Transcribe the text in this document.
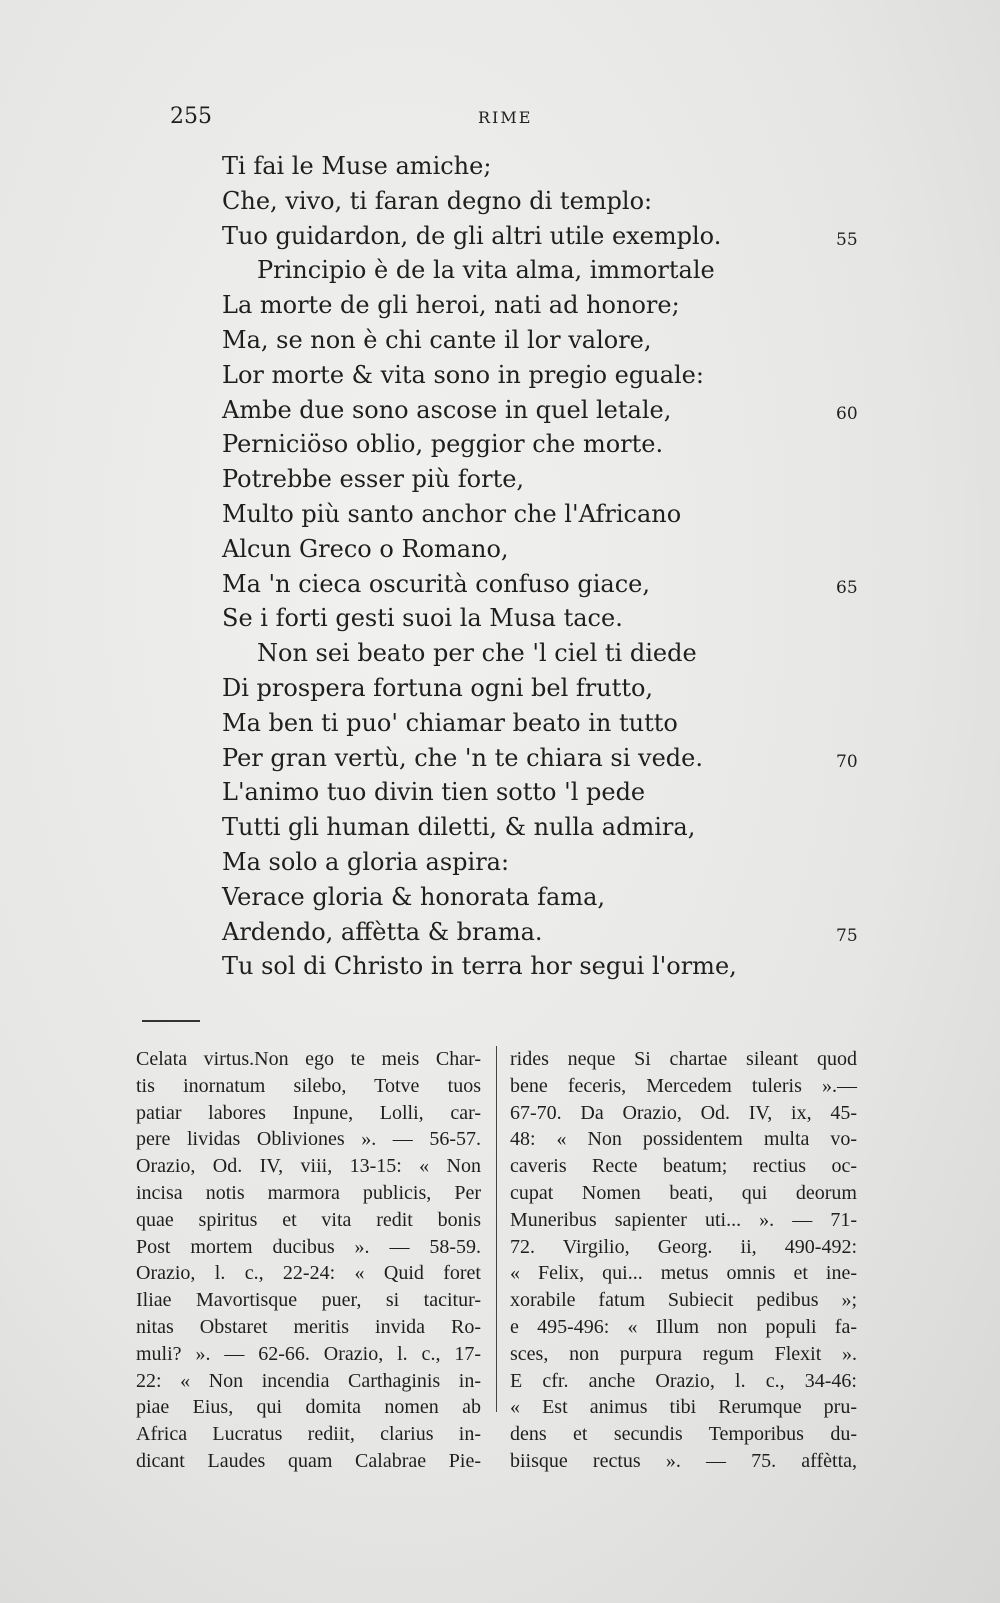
255	RIME
Ti fai le Muse amiche;
Che, vivo, ti faran degno di templo:
Tuo guidardon, de gli altri utile exemplo.	55
Principio è de la vita alma, immortale
La morte de gli heroi, nati ad honore;
Ma, se non è chi cante il lor valore,
Lor morte & vita sono in pregio eguale:
Ambe due sono ascose in quel letale,	60
Perniciöso oblio, peggior che morte.
Potrebbe esser più forte,
Multo più santo anchor che l'Africano
Alcun Greco o Romano,
Ma 'n cieca oscurità confuso giace,	65
Se i forti gesti suoi la Musa tace.
Non sei beato per che 'l ciel ti diede
Di prospera fortuna ogni bel frutto,
Ma ben ti puo' chiamar beato in tutto
Per gran vertù, che 'n te chiara si vede.	70
L'animo tuo divin tien sotto 'l pede
Tutti gli human diletti, & nulla admira,
Ma solo a gloria aspira:
Verace gloria & honorata fama,
Ardendo, affètta & brama.	75
Tu sol di Christo in terra hor segui l'orme,
Celata virtus.Non ego te meis Char-
tis inornatum silebo, Totve tuos
patiar labores Inpune, Lolli, car-
pere lividas Obliviones ». — 56-57.
Orazio, Od. IV, viii, 13-15: « Non
incisa notis marmora publicis, Per
quae spiritus et vita redit bonis
Post mortem ducibus ». — 58-59.
Orazio, l. c., 22-24: « Quid foret
Iliae Mavortisque puer, si tacitur-
nitas Obstaret meritis invida Ro-
muli? ». — 62-66. Orazio, l. c., 17-
22: « Non incendia Carthaginis in-
piae Eius, qui domita nomen ab
Africa Lucratus rediit, clarius in-
dicant Laudes quam Calabrae Pie-
rides neque Si chartae sileant quod
bene feceris, Mercedem tuleris ».—
67-70. Da Orazio, Od. IV, ix, 45-
48: « Non possidentem multa vo-
caveris Recte beatum; rectius oc-
cupat Nomen beati, qui deorum
Muneribus sapienter uti... ». — 71-
72. Virgilio, Georg. ii, 490-492:
« Felix, qui... metus omnis et ine-
xorabile fatum Subiecit pedibus »;
e 495-496: « Illum non populi fa-
sces, non purpura regum Flexit ».
E cfr. anche Orazio, l. c., 34-46:
« Est animus tibi Rerumque pru-
dens et secundis Temporibus du-
biisque rectus ». — 75. affètta,
